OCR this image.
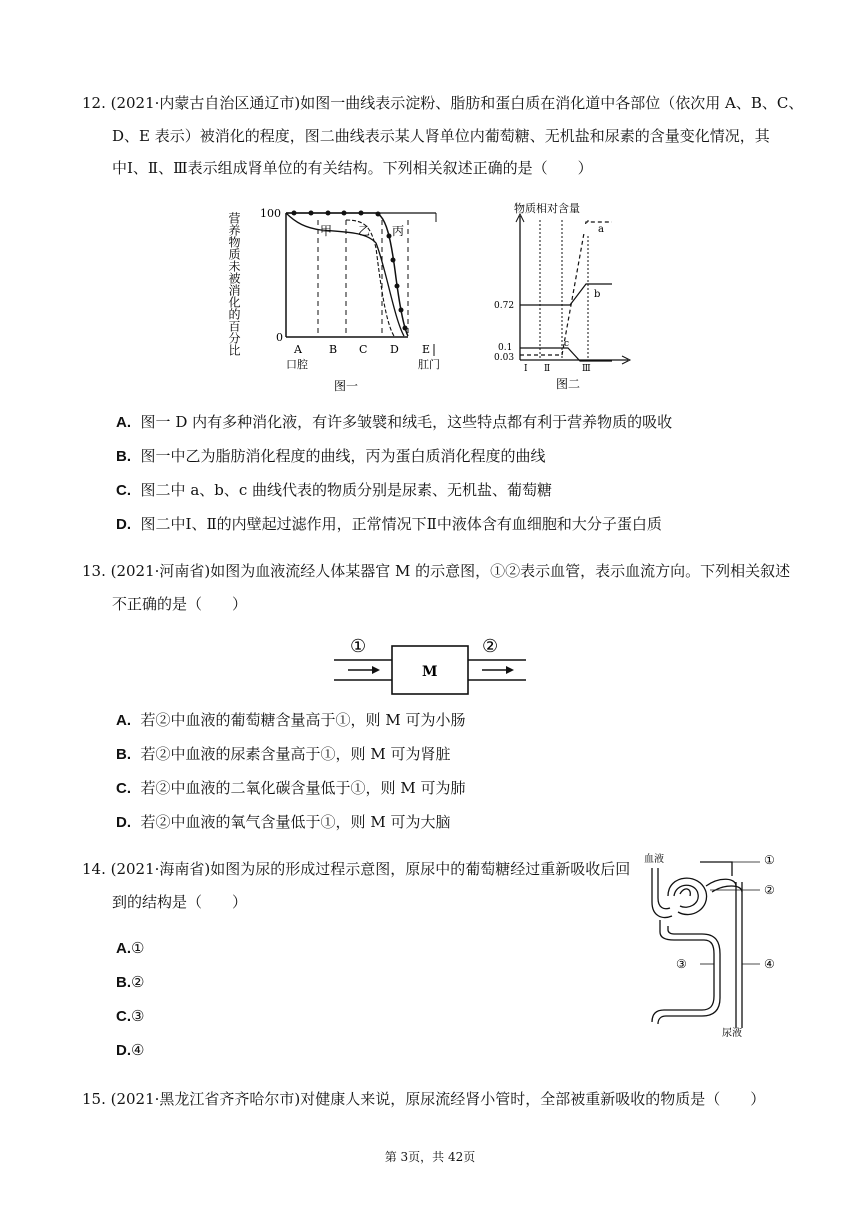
12. (2021·内蒙古自治区通辽市)如图一曲线表示淀粉、脂肪和蛋白质在消化道中各部位（依次用 A、B、C、
D、E 表示）被消化的程度，图二曲线表示某人肾单位内葡萄糖、无机盐和尿素的含量变化情况，其
中Ⅰ、Ⅱ、Ⅲ表示组成肾单位的有关结构。下列相关叙述正确的是（　　）
营养物质未被消化的百分比 100
0
甲 乙 丙
A B C D E
口腔	肛门
图一
物质相对含量
0.72
0.1
0.03
a
b
c
Ⅰ Ⅱ	Ⅲ
图二
A. 图一 D 内有多种消化液，有许多皱襞和绒毛，这些特点都有利于营养物质的吸收
B. 图一中乙为脂肪消化程度的曲线，丙为蛋白质消化程度的曲线
C. 图二中 a、b、c 曲线代表的物质分别是尿素、无机盐、葡萄糖
D. 图二中Ⅰ、Ⅱ的内壁起过滤作用，正常情况下Ⅱ中液体含有血细胞和大分子蛋白质
13. (2021·河南省)如图为血液流经人体某器官 M 的示意图，①②表示血管，表示血流方向。下列相关叙述
不正确的是（　　）
①	②
M
A. 若②中血液的葡萄糖含量高于①，则 M 可为小肠
B. 若②中血液的尿素含量高于①，则 M 可为肾脏
C. 若②中血液的二氧化碳含量低于①，则 M 可为肺
D. 若②中血液的氧气含量低于①，则 M 可为大脑
14. (2021·海南省)如图为尿的形成过程示意图，原尿中的葡萄糖经过重新吸收后回
到的结构是（　　）
血液	①
②
③	④
尿液
A.①
B.②
C.③
D.④
15. (2021·黑龙江省齐齐哈尔市)对健康人来说，原尿流经肾小管时，全部被重新吸收的物质是（　　）
第 3页，共 42页
